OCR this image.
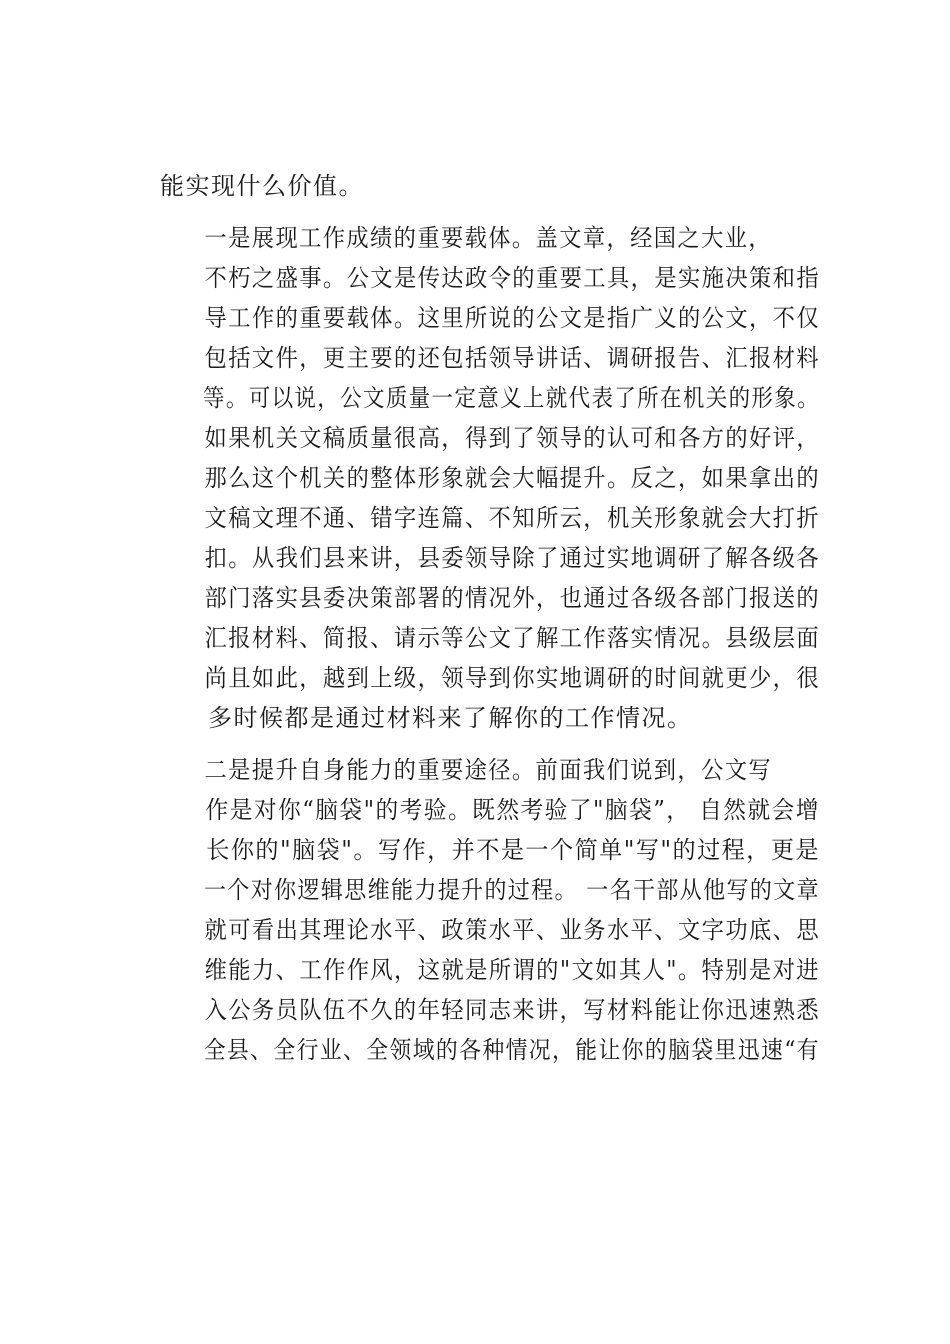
能实现什么价值。

一是展现工作成绩的重要载体。盖文章，经国之大业，
不朽之盛事。公文是传达政令的重要工具，是实施决策和指
导工作的重要载体。这里所说的公文是指广义的公文，不仅
包括文件，更主要的还包括领导讲话、调研报告、汇报材料
等。可以说，公文质量一定意义上就代表了所在机关的形象。
如果机关文稿质量很高，得到了领导的认可和各方的好评，
那么这个机关的整体形象就会大幅提升。反之，如果拿出的
文稿文理不通、错字连篇、不知所云，机关形象就会大打折
扣。从我们县来讲，县委领导除了通过实地调研了解各级各
部门落实县委决策部署的情况外，也通过各级各部门报送的
汇报材料、简报、请示等公文了解工作落实情况。县级层面
尚且如此，越到上级，领导到你实地调研的时间就更少，很
多时候都是通过材料来了解你的工作情况。

二是提升自身能力的重要途径。前面我们说到，公文写
作是对你“脑袋"的考验。既然考验了"脑袋”， 自然就会增
长你的"脑袋"。写作，并不是一个简单"写"的过程，更是
一个对你逻辑思维能力提升的过程。 一名干部从他写的文章
就可看出其理论水平、政策水平、业务水平、文字功底、思
维能力、工作作风，这就是所谓的"文如其人"。特别是对进
入公务员队伍不久的年轻同志来讲，写材料能让你迅速熟悉
全县、全行业、全领域的各种情况，能让你的脑袋里迅速“有
